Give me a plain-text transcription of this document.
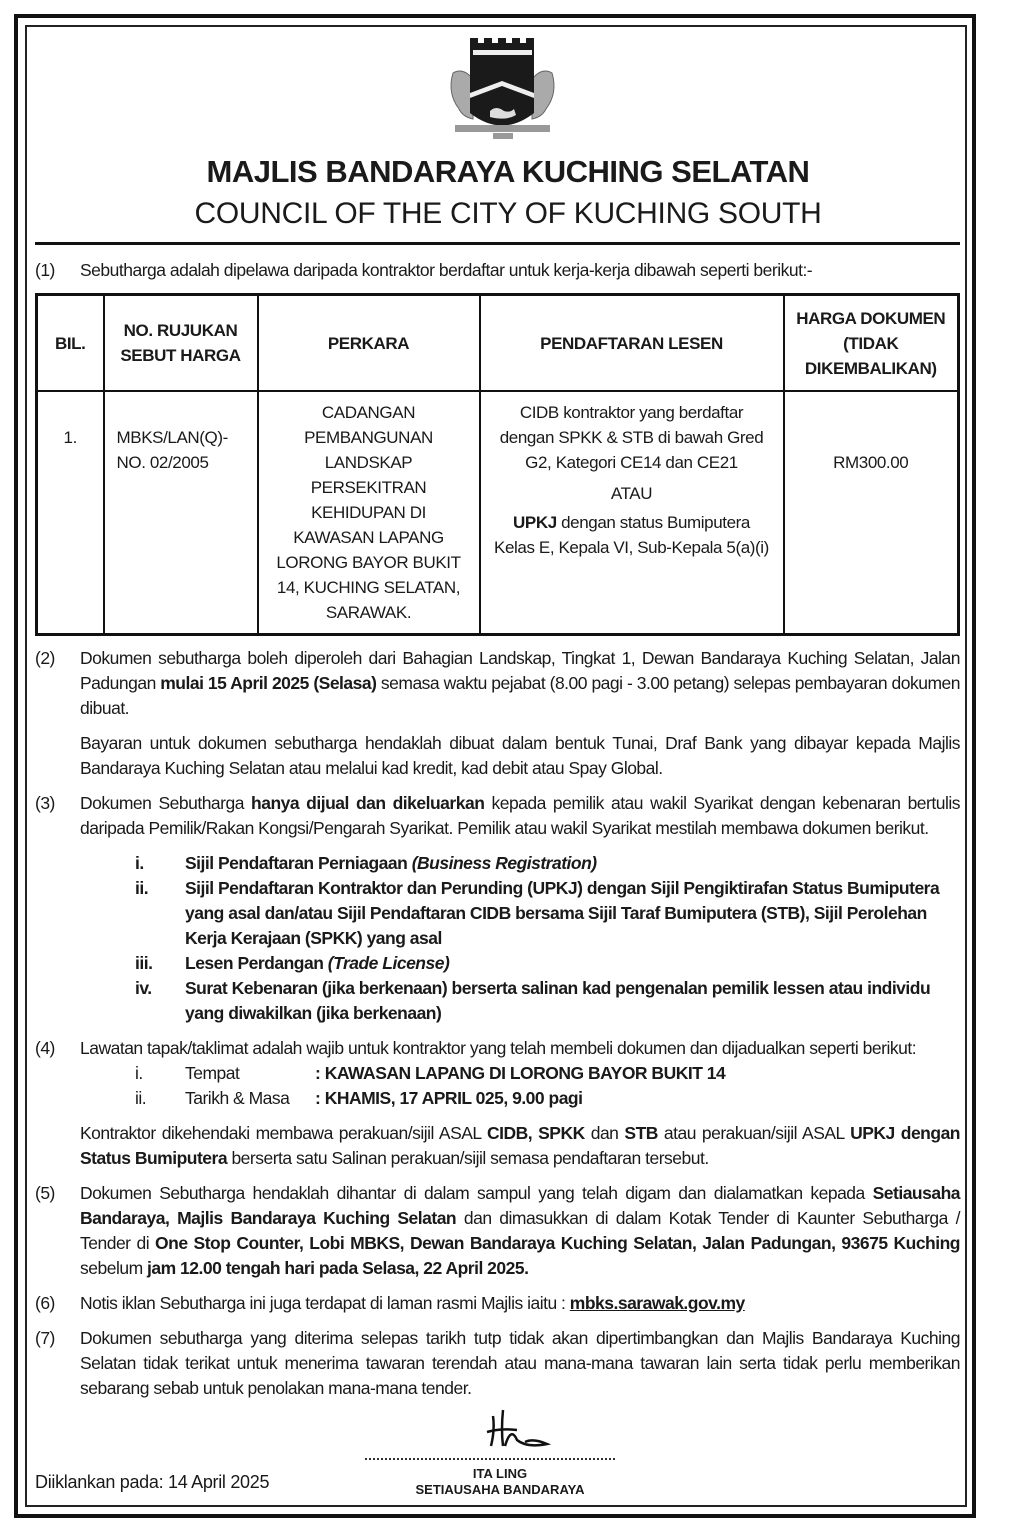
MAJLIS BANDARAYA KUCHING SELATAN
COUNCIL OF THE CITY OF KUCHING SOUTH
(1) Sebutharga adalah dipelawa daripada kontraktor berdaftar untuk kerja-kerja dibawah seperti berikut:-
BIL.	NO. RUJUKAN SEBUT HARGA	PERKARA	PENDAFTARAN LESEN	HARGA DOKUMEN (TIDAK DIKEMBALIKAN)
1.	MBKS/LAN(Q)-NO. 02/2005	CADANGAN PEMBANGUNAN LANDSKAP PERSEKITRAN KEHIDUPAN DI KAWASAN LAPANG LORONG BAYOR BUKIT 14, KUCHING SELATAN, SARAWAK.	CIDB kontraktor yang berdaftar dengan SPKK & STB di bawah Gred G2, Kategori CE14 dan CE21
ATAU
UPKJ dengan status Bumiputera Kelas E, Kepala VI, Sub-Kepala 5(a)(i)	RM300.00
(2) Dokumen sebutharga boleh diperoleh dari Bahagian Landskap, Tingkat 1, Dewan Bandaraya Kuching Selatan, Jalan Padungan mulai 15 April 2025 (Selasa) semasa waktu pejabat (8.00 pagi - 3.00 petang) selepas pembayaran dokumen dibuat.
Bayaran untuk dokumen sebutharga hendaklah dibuat dalam bentuk Tunai, Draf Bank yang dibayar kepada Majlis Bandaraya Kuching Selatan atau melalui kad kredit, kad debit atau Spay Global.
(3) Dokumen Sebutharga hanya dijual dan dikeluarkan kepada pemilik atau wakil Syarikat dengan kebenaran bertulis daripada Pemilik/Rakan Kongsi/Pengarah Syarikat. Pemilik atau wakil Syarikat mestilah membawa dokumen berikut.
i. Sijil Pendaftaran Perniagaan (Business Registration)
ii. Sijil Pendaftaran Kontraktor dan Perunding (UPKJ) dengan Sijil Pengiktirafan Status Bumiputera yang asal dan/atau Sijil Pendaftaran CIDB bersama Sijil Taraf Bumiputera (STB), Sijil Perolehan Kerja Kerajaan (SPKK) yang asal
iii. Lesen Perdangan (Trade License)
iv. Surat Kebenaran (jika berkenaan) berserta salinan kad pengenalan pemilik lessen atau individu yang diwakilkan (jika berkenaan)
(4) Lawatan tapak/taklimat adalah wajib untuk kontraktor yang telah membeli dokumen dan dijadualkan seperti berikut:
i. Tempat	: KAWASAN LAPANG DI LORONG BAYOR BUKIT 14
ii. Tarikh & Masa : KHAMIS, 17 APRIL 025, 9.00 pagi
Kontraktor dikehendaki membawa perakuan/sijil ASAL CIDB, SPKK dan STB atau perakuan/sijil ASAL UPKJ dengan Status Bumiputera berserta satu Salinan perakuan/sijil semasa pendaftaran tersebut.
(5) Dokumen Sebutharga hendaklah dihantar di dalam sampul yang telah digam dan dialamatkan kepada Setiausaha Bandaraya, Majlis Bandaraya Kuching Selatan dan dimasukkan di dalam Kotak Tender di Kaunter Sebutharga / Tender di One Stop Counter, Lobi MBKS, Dewan Bandaraya Kuching Selatan, Jalan Padungan, 93675 Kuching sebelum jam 12.00 tengah hari pada Selasa, 22 April 2025.
(6) Notis iklan Sebutharga ini juga terdapat di laman rasmi Majlis iaitu : mbks.sarawak.gov.my
(7) Dokumen sebutharga yang diterima selepas tarikh tutp tidak akan dipertimbangkan dan Majlis Bandaraya Kuching Selatan tidak terikat untuk menerima tawaran terendah atau mana-mana tawaran lain serta tidak perlu memberikan sebarang sebab untuk penolakan mana-mana tender.
ITA LING
SETIAUSAHA BANDARAYA
Diiklankan pada: 14 April 2025
